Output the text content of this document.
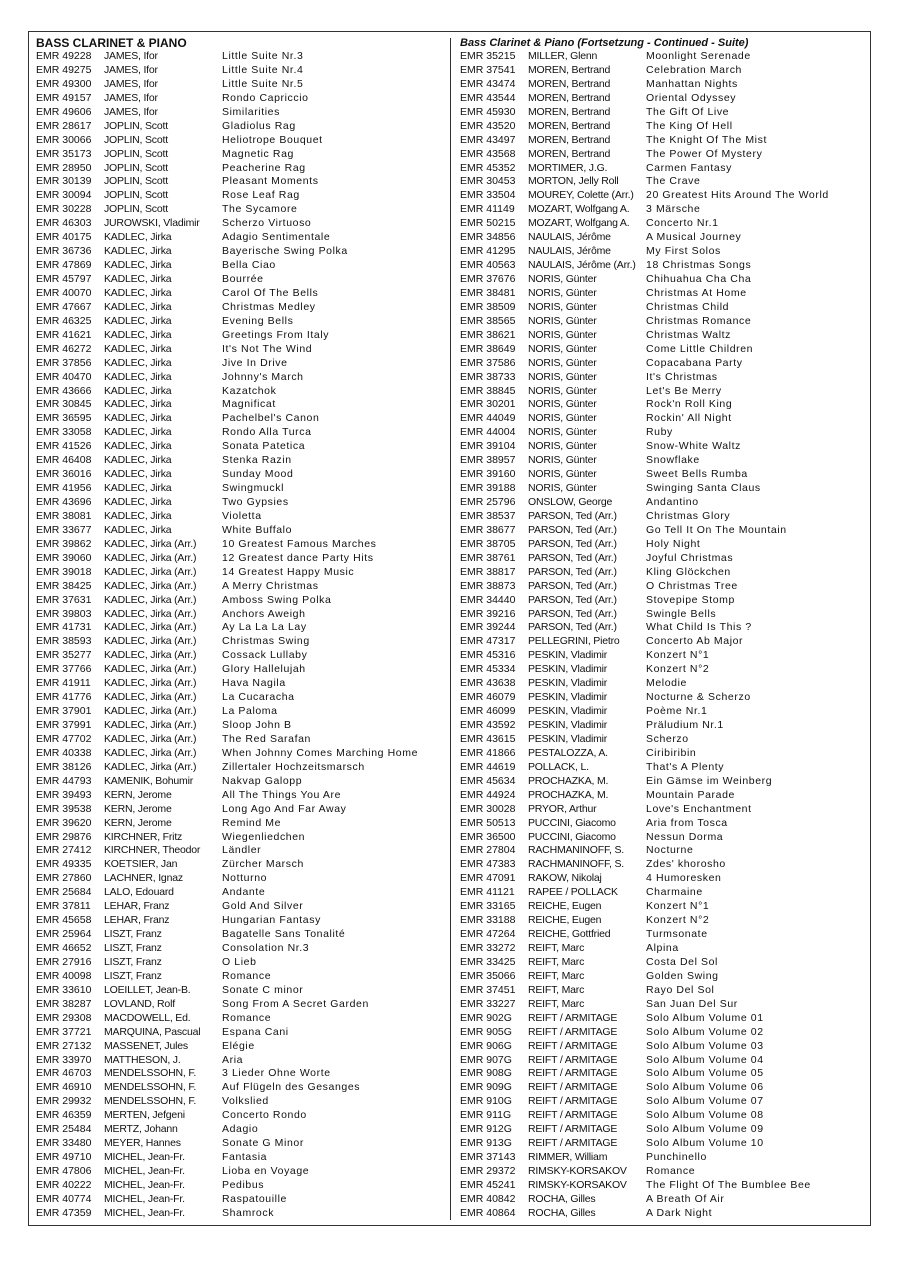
BASS CLARINET & PIANO
EMR 49228	JAMES, Ifor	Little Suite Nr.3
EMR 49275	JAMES, Ifor	Little Suite Nr.4
EMR 49300	JAMES, Ifor	Little Suite Nr.5
EMR 49157	JAMES, Ifor	Rondo Capriccio
EMR 49606	JAMES, Ifor	Similarities
EMR 28617	JOPLIN, Scott	Gladiolus Rag
EMR 30066	JOPLIN, Scott	Heliotrope Bouquet
EMR 35173	JOPLIN, Scott	Magnetic Rag
EMR 28950	JOPLIN, Scott	Peacherine Rag
EMR 30139	JOPLIN, Scott	Pleasant Moments
EMR 30094	JOPLIN, Scott	Rose Leaf Rag
EMR 30228	JOPLIN, Scott	The Sycamore
EMR 46303	JUROWSKI, Vladimir	Scherzo Virtuoso
EMR 40175	KADLEC, Jirka	Adagio Sentimentale
EMR 36736	KADLEC, Jirka	Bayerische Swing Polka
EMR 47869	KADLEC, Jirka	Bella Ciao
EMR 45797	KADLEC, Jirka	Bourrée
EMR 40070	KADLEC, Jirka	Carol Of The Bells
EMR 47667	KADLEC, Jirka	Christmas Medley
EMR 46325	KADLEC, Jirka	Evening Bells
EMR 41621	KADLEC, Jirka	Greetings From Italy
EMR 46272	KADLEC, Jirka	It's Not The Wind
EMR 37856	KADLEC, Jirka	Jive In Drive
EMR 40470	KADLEC, Jirka	Johnny's March
EMR 43666	KADLEC, Jirka	Kazatchok
EMR 30845	KADLEC, Jirka	Magnificat
EMR 36595	KADLEC, Jirka	Pachelbel's Canon
EMR 33058	KADLEC, Jirka	Rondo Alla Turca
EMR 41526	KADLEC, Jirka	Sonata Patetica
EMR 46408	KADLEC, Jirka	Stenka Razin
EMR 36016	KADLEC, Jirka	Sunday Mood
EMR 41956	KADLEC, Jirka	Swingmuckl
EMR 43696	KADLEC, Jirka	Two Gypsies
EMR 38081	KADLEC, Jirka	Violetta
EMR 33677	KADLEC, Jirka	White Buffalo
EMR 39862	KADLEC, Jirka (Arr.)	10 Greatest Famous Marches
EMR 39060	KADLEC, Jirka (Arr.)	12 Greatest dance Party Hits
EMR 39018	KADLEC, Jirka (Arr.)	14 Greatest Happy Music
EMR 38425	KADLEC, Jirka (Arr.)	A Merry Christmas
EMR 37631	KADLEC, Jirka (Arr.)	Amboss Swing Polka
EMR 39803	KADLEC, Jirka (Arr.)	Anchors Aweigh
EMR 41731	KADLEC, Jirka (Arr.)	Ay La La La Lay
EMR 38593	KADLEC, Jirka (Arr.)	Christmas Swing
EMR 35277	KADLEC, Jirka (Arr.)	Cossack Lullaby
EMR 37766	KADLEC, Jirka (Arr.)	Glory Hallelujah
EMR 41911	KADLEC, Jirka (Arr.)	Hava Nagila
EMR 41776	KADLEC, Jirka (Arr.)	La Cucaracha
EMR 37901	KADLEC, Jirka (Arr.)	La Paloma
EMR 37991	KADLEC, Jirka (Arr.)	Sloop John B
EMR 47702	KADLEC, Jirka (Arr.)	The Red Sarafan
EMR 40338	KADLEC, Jirka (Arr.)	When Johnny Comes Marching Home
EMR 38126	KADLEC, Jirka (Arr.)	Zillertaler Hochzeitsmarsch
EMR 44793	KAMENIK, Bohumir	Nakvap Galopp
EMR 39493	KERN, Jerome	All The Things You Are
EMR 39538	KERN, Jerome	Long Ago And Far Away
EMR 39620	KERN, Jerome	Remind Me
EMR 29876	KIRCHNER, Fritz	Wiegenliedchen
EMR 27412	KIRCHNER, Theodor	Ländler
EMR 49335	KOETSIER, Jan	Zürcher Marsch
EMR 27860	LACHNER, Ignaz	Notturno
EMR 25684	LALO, Edouard	Andante
EMR 37811	LEHAR, Franz	Gold And Silver
EMR 45658	LEHAR, Franz	Hungarian Fantasy
EMR 25964	LISZT, Franz	Bagatelle Sans Tonalité
EMR 46652	LISZT, Franz	Consolation Nr.3
EMR 27916	LISZT, Franz	O Lieb
EMR 40098	LISZT, Franz	Romance
EMR 33610	LOEILLET, Jean-B.	Sonate C minor
EMR 38287	LOVLAND, Rolf	Song From A Secret Garden
EMR 29308	MACDOWELL, Ed.	Romance
EMR 37721	MARQUINA, Pascual	Espana Cani
EMR 27132	MASSENET, Jules	Elégie
EMR 33970	MATTHESON, J.	Aria
EMR 46703	MENDELSSOHN, F.	3 Lieder Ohne Worte
EMR 46910	MENDELSSOHN, F.	Auf Flügeln des Gesanges
EMR 29932	MENDELSSOHN, F.	Volkslied
EMR 46359	MERTEN, Jefgeni	Concerto Rondo
EMR 25484	MERTZ, Johann	Adagio
EMR 33480	MEYER, Hannes	Sonate G Minor
EMR 49710	MICHEL, Jean-Fr.	Fantasia
EMR 47806	MICHEL, Jean-Fr.	Lioba en Voyage
EMR 40222	MICHEL, Jean-Fr.	Pedibus
EMR 40774	MICHEL, Jean-Fr.	Raspatouille
EMR 47359	MICHEL, Jean-Fr.	Shamrock
Bass Clarinet & Piano (Fortsetzung - Continued - Suite)
EMR 35215	MILLER, Glenn	Moonlight Serenade
EMR 37541	MOREN, Bertrand	Celebration March
EMR 43474	MOREN, Bertrand	Manhattan Nights
EMR 43544	MOREN, Bertrand	Oriental Odyssey
EMR 45930	MOREN, Bertrand	The Gift Of Live
EMR 43520	MOREN, Bertrand	The King Of Hell
EMR 43497	MOREN, Bertrand	The Knight Of The Mist
EMR 43568	MOREN, Bertrand	The Power Of Mystery
EMR 45352	MORTIMER, J.G.	Carmen Fantasy
EMR 30453	MORTON, Jelly Roll	The Crave
EMR 33504	MOUREY, Colette (Arr.)	20 Greatest Hits Around The World
EMR 41149	MOZART, Wolfgang A.	3 Märsche
EMR 50215	MOZART, Wolfgang A.	Concerto Nr.1
EMR 34856	NAULAIS, Jérôme	A Musical Journey
EMR 41295	NAULAIS, Jérôme	My First Solos
EMR 40563	NAULAIS, Jérôme (Arr.) 18 Christmas Songs
EMR 37676	NORIS, Günter	Chihuahua Cha Cha
EMR 38481	NORIS, Günter	Christmas At Home
EMR 38509	NORIS, Günter	Christmas Child
EMR 38565	NORIS, Günter	Christmas Romance
EMR 38621	NORIS, Günter	Christmas Waltz
EMR 38649	NORIS, Günter	Come Little Children
EMR 37586	NORIS, Günter	Copacabana Party
EMR 38733	NORIS, Günter	It's Christmas
EMR 38845	NORIS, Günter	Let's Be Merry
EMR 30201	NORIS, Günter	Rock'n Roll King
EMR 44049	NORIS, Günter	Rockin' All Night
EMR 44004	NORIS, Günter	Ruby
EMR 39104	NORIS, Günter	Snow-White Waltz
EMR 38957	NORIS, Günter	Snowflake
EMR 39160	NORIS, Günter	Sweet Bells Rumba
EMR 39188	NORIS, Günter	Swinging Santa Claus
EMR 25796	ONSLOW, George	Andantino
EMR 38537	PARSON, Ted (Arr.)	Christmas Glory
EMR 38677	PARSON, Ted (Arr.)	Go Tell It On The Mountain
EMR 38705	PARSON, Ted (Arr.)	Holy Night
EMR 38761	PARSON, Ted (Arr.)	Joyful Christmas
EMR 38817	PARSON, Ted (Arr.)	Kling Glöckchen
EMR 38873	PARSON, Ted (Arr.)	O Christmas Tree
EMR 34440	PARSON, Ted (Arr.)	Stovepipe Stomp
EMR 39216	PARSON, Ted (Arr.)	Swingle Bells
EMR 39244	PARSON, Ted (Arr.)	What Child Is This ?
EMR 47317	PELLEGRINI, Pietro	Concerto Ab Major
EMR 45316	PESKIN, Vladimir	Konzert N°1
EMR 45334	PESKIN, Vladimir	Konzert N°2
EMR 43638	PESKIN, Vladimir	Melodie
EMR 46079	PESKIN, Vladimir	Nocturne & Scherzo
EMR 46099	PESKIN, Vladimir	Poème Nr.1
EMR 43592	PESKIN, Vladimir	Präludium Nr.1
EMR 43615	PESKIN, Vladimir	Scherzo
EMR 41866	PESTALOZZA, A.	Ciribiribin
EMR 44619	POLLACK, L.	That's A Plenty
EMR 45634	PROCHAZKA, M.	Ein Gämse im Weinberg
EMR 44924	PROCHAZKA, M.	Mountain Parade
EMR 30028	PRYOR, Arthur	Love's Enchantment
EMR 50513	PUCCINI, Giacomo	Aria from Tosca
EMR 36500	PUCCINI, Giacomo	Nessun Dorma
EMR 27804	RACHMANINOFF, S.	Nocturne
EMR 47383	RACHMANINOFF, S.	Zdes' khorosho
EMR 47091	RAKOW, Nikolaj	4 Humoresken
EMR 41121	RAPEE / POLLACK	Charmaine
EMR 33165	REICHE, Eugen	Konzert N°1
EMR 33188	REICHE, Eugen	Konzert N°2
EMR 47264	REICHE, Gottfried	Turmsonate
EMR 33272	REIFT, Marc	Alpina
EMR 33425	REIFT, Marc	Costa Del Sol
EMR 35066	REIFT, Marc	Golden Swing
EMR 37451	REIFT, Marc	Rayo Del Sol
EMR 33227	REIFT, Marc	San Juan Del Sur
EMR 902G	REIFT / ARMITAGE	Solo Album Volume 01
EMR 905G	REIFT / ARMITAGE	Solo Album Volume 02
EMR 906G	REIFT / ARMITAGE	Solo Album Volume 03
EMR 907G	REIFT / ARMITAGE	Solo Album Volume 04
EMR 908G	REIFT / ARMITAGE	Solo Album Volume 05
EMR 909G	REIFT / ARMITAGE	Solo Album Volume 06
EMR 910G	REIFT / ARMITAGE	Solo Album Volume 07
EMR 911G	REIFT / ARMITAGE	Solo Album Volume 08
EMR 912G	REIFT / ARMITAGE	Solo Album Volume 09
EMR 913G	REIFT / ARMITAGE	Solo Album Volume 10
EMR 37143	RIMMER, William	Punchinello
EMR 29372	RIMSKY-KORSAKOV	Romance
EMR 45241	RIMSKY-KORSAKOV	The Flight Of The Bumblee Bee
EMR 40842	ROCHA, Gilles	A Breath Of Air
EMR 40864	ROCHA, Gilles	A Dark Night
